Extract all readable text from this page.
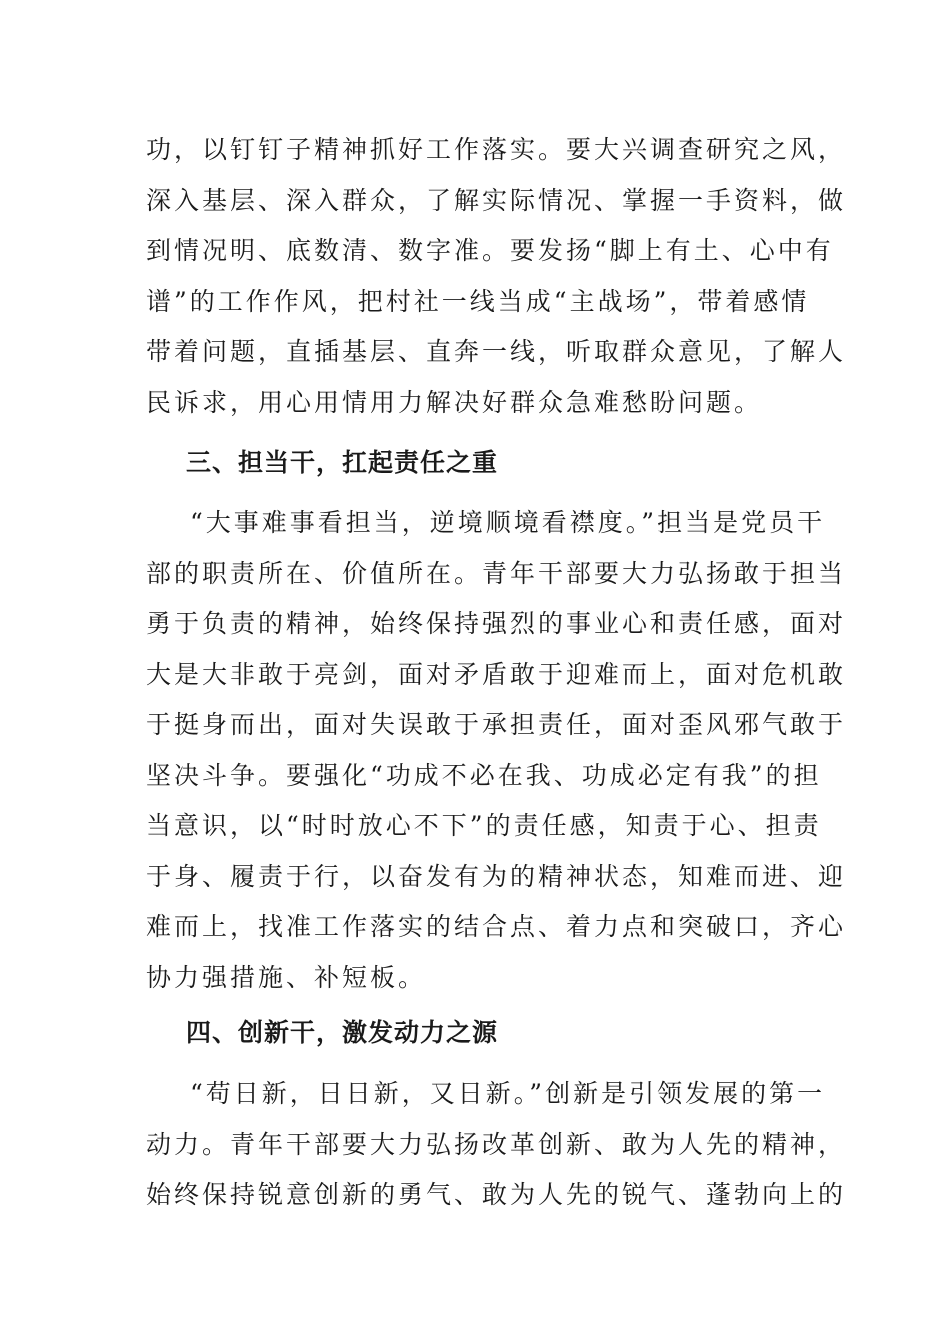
功，以钉钉子精神抓好工作落实。要大兴调查研究之风，
深入基层、深入群众，了解实际情况、掌握一手资料，做
到情况明、底数清、数字准。要发扬“脚上有土、心中有
谱”的工作作风，把村社一线当成“主战场”，带着感情
带着问题，直插基层、直奔一线，听取群众意见，了解人
民诉求，用心用情用力解决好群众急难愁盼问题。
三、担当干，扛起责任之重
“大事难事看担当，逆境顺境看襟度。”担当是党员干
部的职责所在、价值所在。青年干部要大力弘扬敢于担当
勇于负责的精神，始终保持强烈的事业心和责任感，面对
大是大非敢于亮剑，面对矛盾敢于迎难而上，面对危机敢
于挺身而出，面对失误敢于承担责任，面对歪风邪气敢于
坚决斗争。要强化“功成不必在我、功成必定有我”的担
当意识，以“时时放心不下”的责任感，知责于心、担责
于身、履责于行，以奋发有为的精神状态，知难而进、迎
难而上，找准工作落实的结合点、着力点和突破口，齐心
协力强措施、补短板。
四、创新干，激发动力之源
“苟日新，日日新，又日新。”创新是引领发展的第一
动力。青年干部要大力弘扬改革创新、敢为人先的精神，
始终保持锐意创新的勇气、敢为人先的锐气、蓬勃向上的
